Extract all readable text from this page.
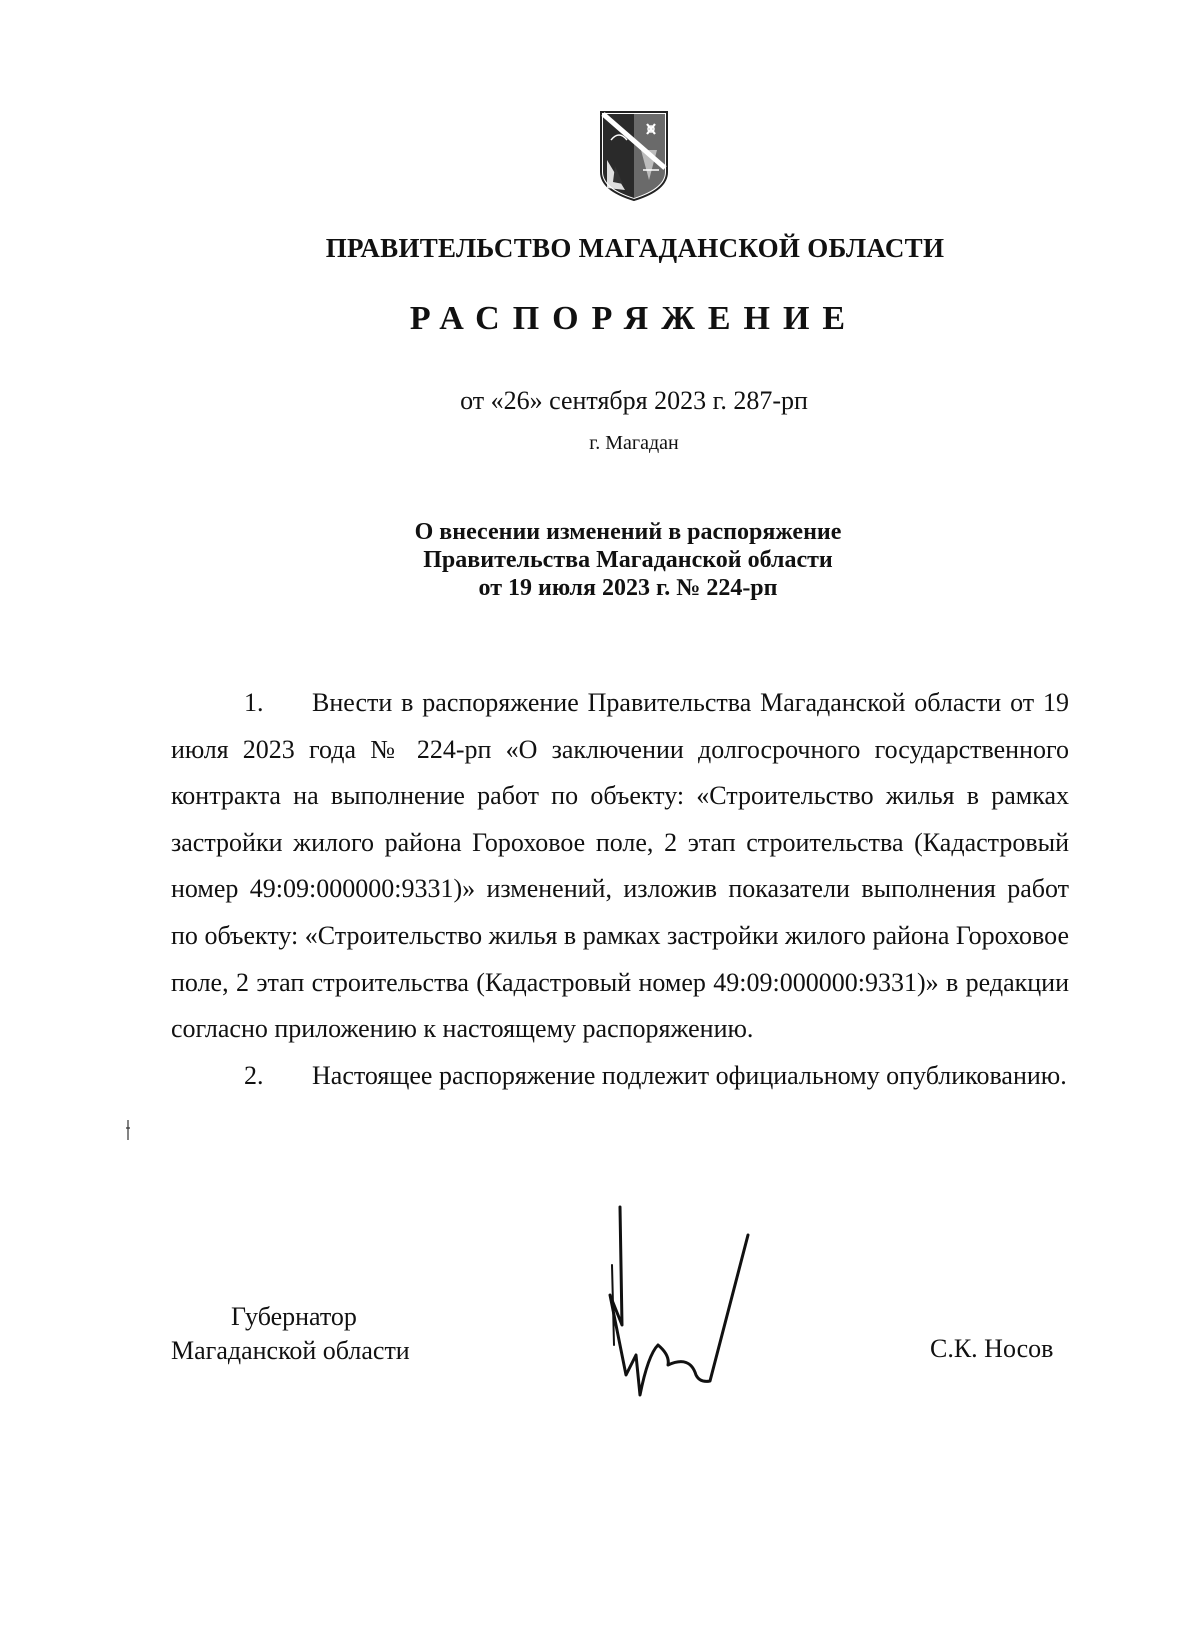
ПРАВИТЕЛЬСТВО МАГАДАНСКОЙ ОБЛАСТИ
РАСПОРЯЖЕНИЕ
от «26» сентября 2023 г. 287-рп
г. Магадан
О внесении изменений в распоряжение
Правительства Магаданской области
от 19 июля 2023 г. № 224-рп

1. Внести в распоряжение Правительства Магаданской области от 19 июля 2023 года № 224-рп «О заключении долгосрочного государственного контракта на выполнение работ по объекту: «Строительство жилья в рамках застройки жилого района Гороховое поле, 2 этап строительства (Кадастровый номер 49:09:000000:9331)» изменений, изложив показатели выполнения работ по объекту: «Строительство жилья в рамках застройки жилого района Гороховое поле, 2 этап строительства (Кадастровый номер 49:09:000000:9331)» в редакции согласно приложению к настоящему распоряжению.

2. Настоящее распоряжение подлежит официальному опубликованию.

Губернатор
Магаданской области	С.К. Носов
